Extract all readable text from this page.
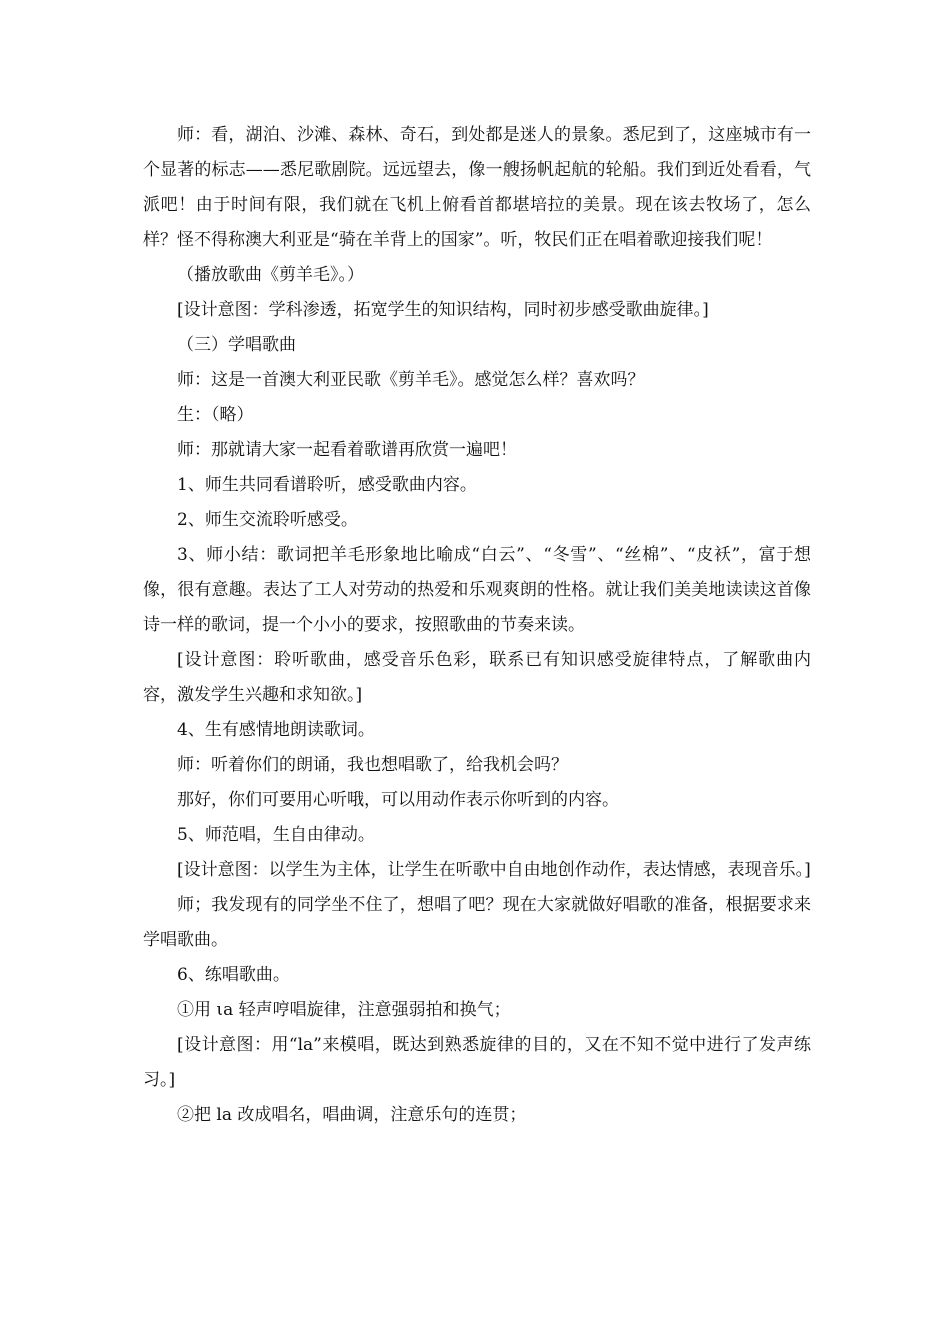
师：看，湖泊、沙滩、森林、奇石，到处都是迷人的景象。悉尼到了，这座城市有一个显著的标志——悉尼歌剧院。远远望去，像一艘扬帆起航的轮船。我们到近处看看，气派吧！由于时间有限，我们就在飞机上俯看首都堪培拉的美景。现在该去牧场了，怎么样？怪不得称澳大利亚是“骑在羊背上的国家”。听，牧民们正在唱着歌迎接我们呢！

（播放歌曲《剪羊毛》。）

[设计意图：学科渗透，拓宽学生的知识结构，同时初步感受歌曲旋律。]

（三）学唱歌曲

师：这是一首澳大利亚民歌《剪羊毛》。感觉怎么样？喜欢吗？

生：（略）

师：那就请大家一起看着歌谱再欣赏一遍吧！

1、师生共同看谱聆听，感受歌曲内容。

2、师生交流聆听感受。

3、师小结：歌词把羊毛形象地比喻成“白云”、“冬雪”、“丝棉”、“皮袄”，富于想像，很有意趣。表达了工人对劳动的热爱和乐观爽朗的性格。就让我们美美地读读这首像诗一样的歌词，提一个小小的要求，按照歌曲的节奏来读。

[设计意图：聆听歌曲，感受音乐色彩，联系已有知识感受旋律特点，了解歌曲内容，激发学生兴趣和求知欲。]

4、生有感情地朗读歌词。

师：听着你们的朗诵，我也想唱歌了，给我机会吗？

那好，你们可要用心听哦，可以用动作表示你听到的内容。

5、师范唱，生自由律动。

[设计意图：以学生为主体，让学生在听歌中自由地创作动作，表达情感，表现音乐。]

师；我发现有的同学坐不住了，想唱了吧？现在大家就做好唱歌的准备，根据要求来学唱歌曲。

6、练唱歌曲。

①用 ιa 轻声哼唱旋律，注意强弱拍和换气；

[设计意图：用“la”来模唱，既达到熟悉旋律的目的，又在不知不觉中进行了发声练习。]

②把 la 改成唱名，唱曲调，注意乐句的连贯；
